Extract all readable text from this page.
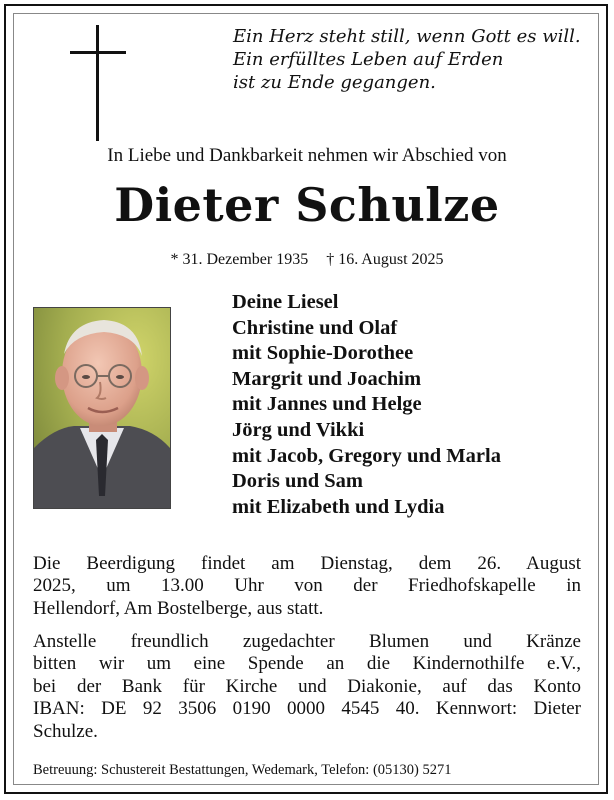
Ein Herz steht still, wenn Gott es will.
Ein erfülltes Leben auf Erden
ist zu Ende gegangen.
In Liebe und Dankbarkeit nehmen wir Abschied von
Dieter Schulze
* 31. Dezember 1935 † 16. August 2025
Deine Liesel
Christine und Olaf
mit Sophie-Dorothee
Margrit und Joachim
mit Jannes und Helge
Jörg und Vikki
mit Jacob, Gregory und Marla
Doris und Sam
mit Elizabeth und Lydia
Die Beerdigung findet am Dienstag, dem 26. August
2025, um 13.00 Uhr von der Friedhofskapelle in
Hellendorf, Am Bostelberge, aus statt.
Anstelle freundlich zugedachter Blumen und Kränze
bitten wir um eine Spende an die Kindernothilfe e.V.,
bei der Bank für Kirche und Diakonie, auf das Konto
IBAN: DE 92 3506 0190 0000 4545 40. Kennwort: Dieter
Schulze.
Betreuung: Schustereit Bestattungen, Wedemark, Telefon: (05130) 5271
